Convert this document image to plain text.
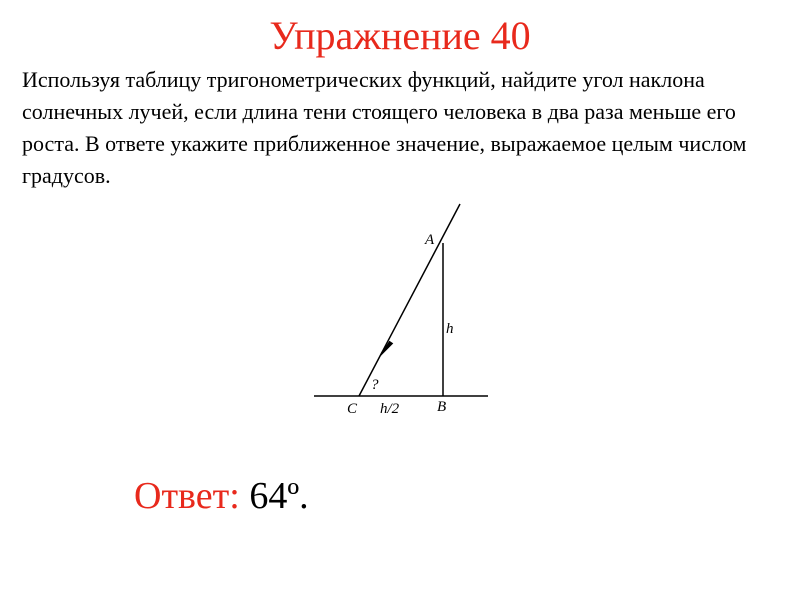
Упражнение 40

Используя таблицу тригонометрических функций, найдите угол наклона солнечных лучей, если длина тени стоящего человека в два раза меньше его роста. В ответе укажите приближенное значение, выражаемое целым числом градусов.

A
h
?
C h/2	B
Ответ: 64º.
